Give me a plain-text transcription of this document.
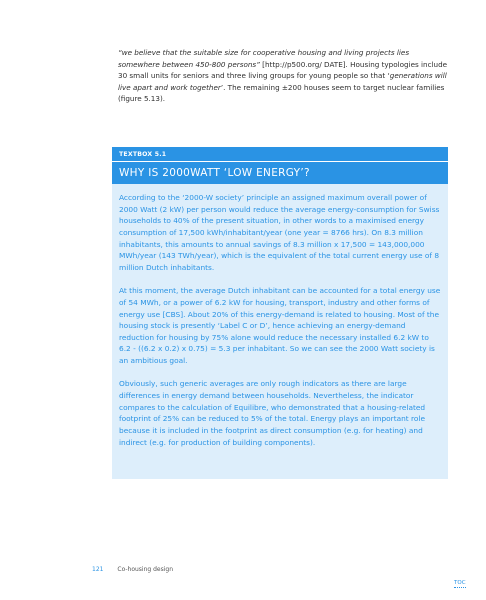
“we believe that the suitable size for cooperative housing and living projects lies somewhere between 450-800 persons” [http://p500.org/ DATE]. Housing typologies include 30 small units for seniors and three living groups for young people so that ‘generations will live apart and work together’. The remaining ±200 houses seem to target nuclear families (figure 5.13).

TEXTBOX 5.1
WHY IS 2000WATT ‘LOW ENERGY’?

According to the ‘2000-W society’ principle an assigned maximum overall power of 2000 Watt (2 kW) per person would reduce the average energy-consumption for Swiss households to 40% of the present situation, in other words to a maximised energy consumption of 17,500 kWh/inhabitant/year (one year = 8766 hrs). On 8.3 million inhabitants, this amounts to annual savings of 8.3 million x 17,500 = 143,000,000 MWh/year (143 TWh/year), which is the equivalent of the total current energy use of 8 million Dutch inhabitants.

At this moment, the average Dutch inhabitant can be accounted for a total energy use of 54 MWh, or a power of 6.2 kW for housing, transport, industry and other forms of energy use [CBS]. About 20% of this energy-demand is related to housing. Most of the housing stock is presently ‘Label C or D’, hence achieving an energy-demand reduction for housing by 75% alone would reduce the necessary installed 6.2 kW to 6.2 - ((6.2 x 0.2) x 0.75) = 5.3 per inhabitant. So we can see the 2000 Watt society is an ambitious goal.

Obviously, such generic averages are only rough indicators as there are large differences in energy demand between households. Nevertheless, the indicator compares to the calculation of Equilibre, who demonstrated that a housing-related footprint of 25% can be reduced to 5% of the total. Energy plays an important role because it is included in the footprint as direct consumption (e.g. for heating) and indirect (e.g. for production of building components).

121 Co-housing design
TOC
